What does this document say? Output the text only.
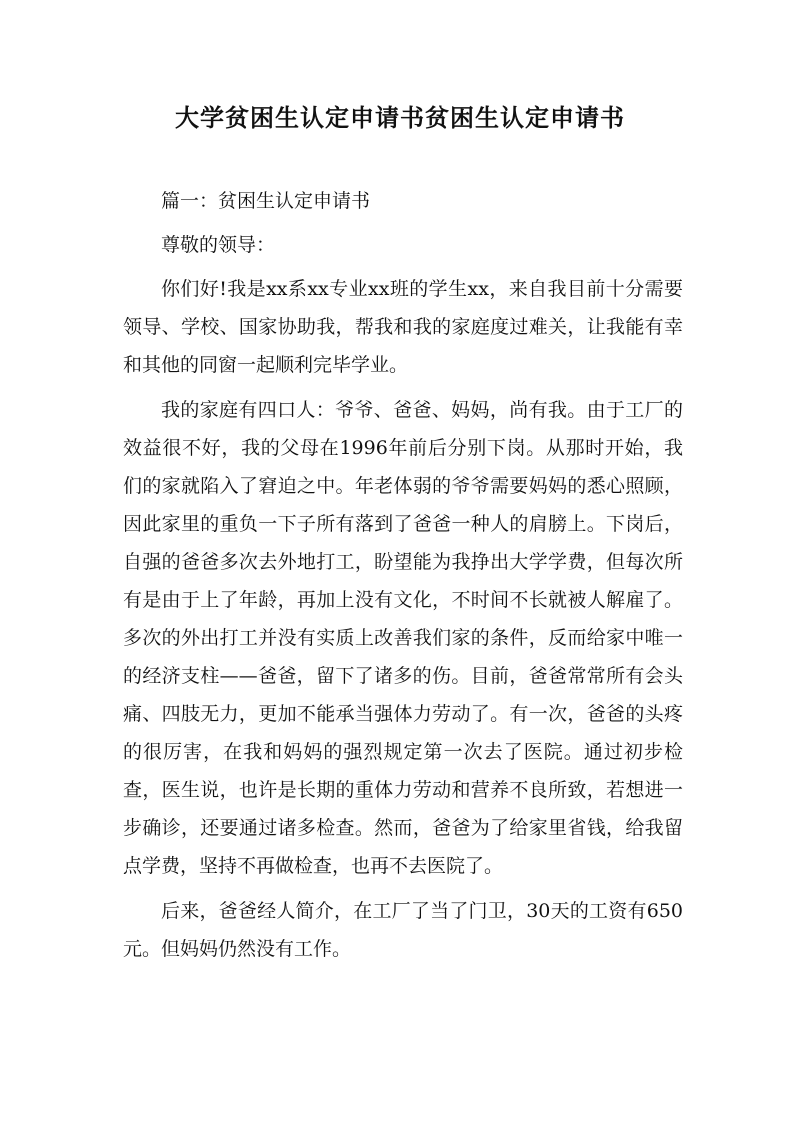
大学贫困生认定申请书贫困生认定申请书

篇一：贫困生认定申请书

尊敬的领导：

你们好!我是xx系xx专业xx班的学生xx，来自我目前十分需要领导、学校、国家协助我，帮我和我的家庭度过难关，让我能有幸和其他的同窗一起顺利完毕学业。

我的家庭有四口人：爷爷、爸爸、妈妈，尚有我。由于工厂的效益很不好，我的父母在1996年前后分别下岗。从那时开始，我们的家就陷入了窘迫之中。年老体弱的爷爷需要妈妈的悉心照顾，因此家里的重负一下子所有落到了爸爸一种人的肩膀上。下岗后，自强的爸爸多次去外地打工，盼望能为我挣出大学学费，但每次所有是由于上了年龄，再加上没有文化，不时间不长就被人解雇了。多次的外出打工并没有实质上改善我们家的条件，反而给家中唯一的经济支柱——爸爸，留下了诸多的伤。目前，爸爸常常所有会头痛、四肢无力，更加不能承当强体力劳动了。有一次，爸爸的头疼的很厉害，在我和妈妈的强烈规定第一次去了医院。通过初步检查，医生说，也许是长期的重体力劳动和营养不良所致，若想进一步确诊，还要通过诸多检查。然而，爸爸为了给家里省钱，给我留点学费，坚持不再做检查，也再不去医院了。

后来，爸爸经人简介，在工厂了当了门卫，30天的工资有650元。但妈妈仍然没有工作。
